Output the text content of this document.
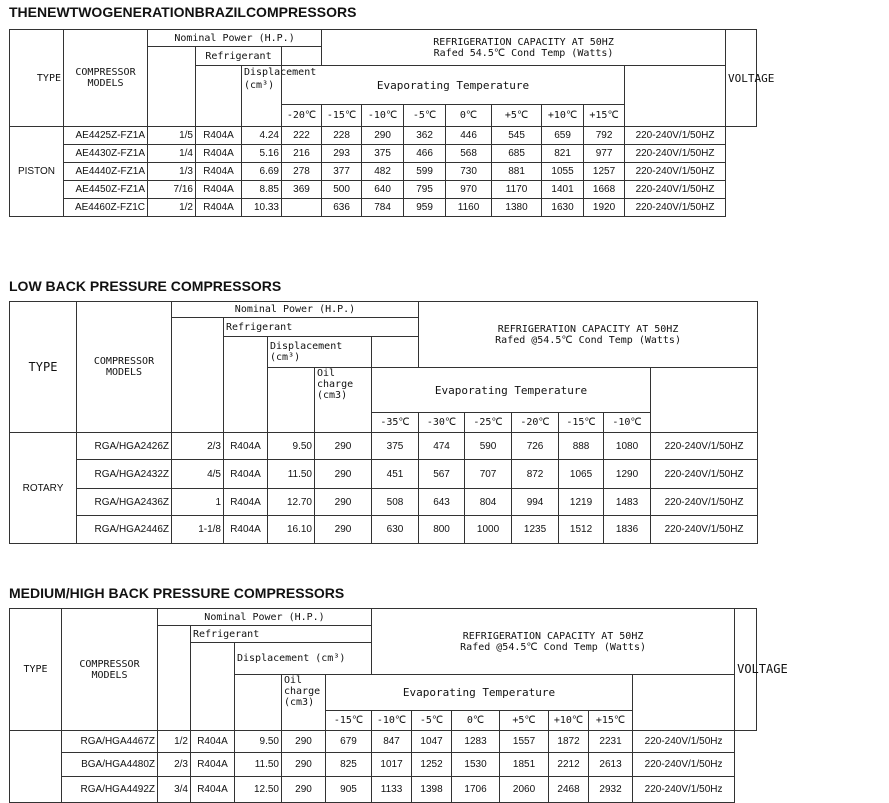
THENEWTWOGENERATIONBRAZILCOMPRESSORS
TYPE	COMPRESSOR MODELS	Nominal Power (H.P.)				REFRIGERATION CAPACITY AT 50HZ
Rafed 54.5℃ Cond Temp (Watts)								VOLTAGE
			Refrigerant											
				Displacement (cm³)	Evaporating Temperature									
					-20℃	-15℃	-10℃	-5℃	0℃	+5℃	+10℃	+15℃		
PISTON	AE4425Z-FZ1A	1/5	R404A	4.24	222	228	290	362	446	545	659	792	220-240V/1/50HZ	
	AE4430Z-FZ1A	1/4	R404A	5.16	216	293	375	466	568	685	821	977	220-240V/1/50HZ	
	AE4440Z-FZ1A	1/3	R404A	6.69	278	377	482	599	730	881	1055	1257	220-240V/1/50HZ	
	AE4450Z-FZ1A	7/16	R404A	8.85	369	500	640	795	970	1170	1401	1668	220-240V/1/50HZ	
	AE4460Z-FZ1C	1/2	R404A	10.33		636	784	959	1160	1380	1630	1920	220-240V/1/50HZ	
LOW BACK PRESSURE COMPRESSORS
TYPE	COMPRESSOR MODELS	Nominal Power (H.P.)					REFRIGERATION CAPACITY AT 50HZ
Rafed @54.5℃ Cond Temp (Watts)

			Refrigerant										
				Displacement (cm³)									
					Oil charge (cm3)	Evaporating Temperature							
						-35℃	-30℃	-25℃	-20℃	-15℃	-10℃		
ROTARY	RGA/HGA2426Z	2/3	R404A	9.50	290	375	474	590	726	888	1080	220-240V/1/50HZ	
	RGA/HGA2432Z	4/5	R404A	11.50	290	451	567	707	872	1065	1290	220-240V/1/50HZ	
	RGA/HGA2436Z	1	R404A	12.70	290	508	643	804	994	1219	1483	220-240V/1/50HZ	
	RGA/HGA2446Z	1-1/8	R404A	16.10	290	630	800	1000	1235	1512	1836	220-240V/1/50HZ	
MEDIUM/HIGH BACK PRESSURE COMPRESSORS
TYPE	COMPRESSOR MODELS	Nominal Power (H.P.)					REFRIGERATION CAPACITY AT 50HZ
Rafed @54.5℃ Cond Temp (Watts)							VOLTAGE
			Refrigerant											
				Displacement (cm³)										
					Oil charge (cm3)	Evaporating Temperature								
						-15℃	-10℃	-5℃	0℃	+5℃	+10℃	+15℃		
	RGA/HGA4467Z	1/2	R404A	9.50	290	679	847	1047	1283	1557	1872	2231	220-240V/1/50Hz	
	BGA/HGA4480Z	2/3	R404A	11.50	290	825	1017	1252	1530	1851	2212	2613	220-240V/1/50Hz	
	RGA/HGA4492Z	3/4	R404A	12.50	290	905	1133	1398	1706	2060	2468	2932	220-240V/1/50Hz	
